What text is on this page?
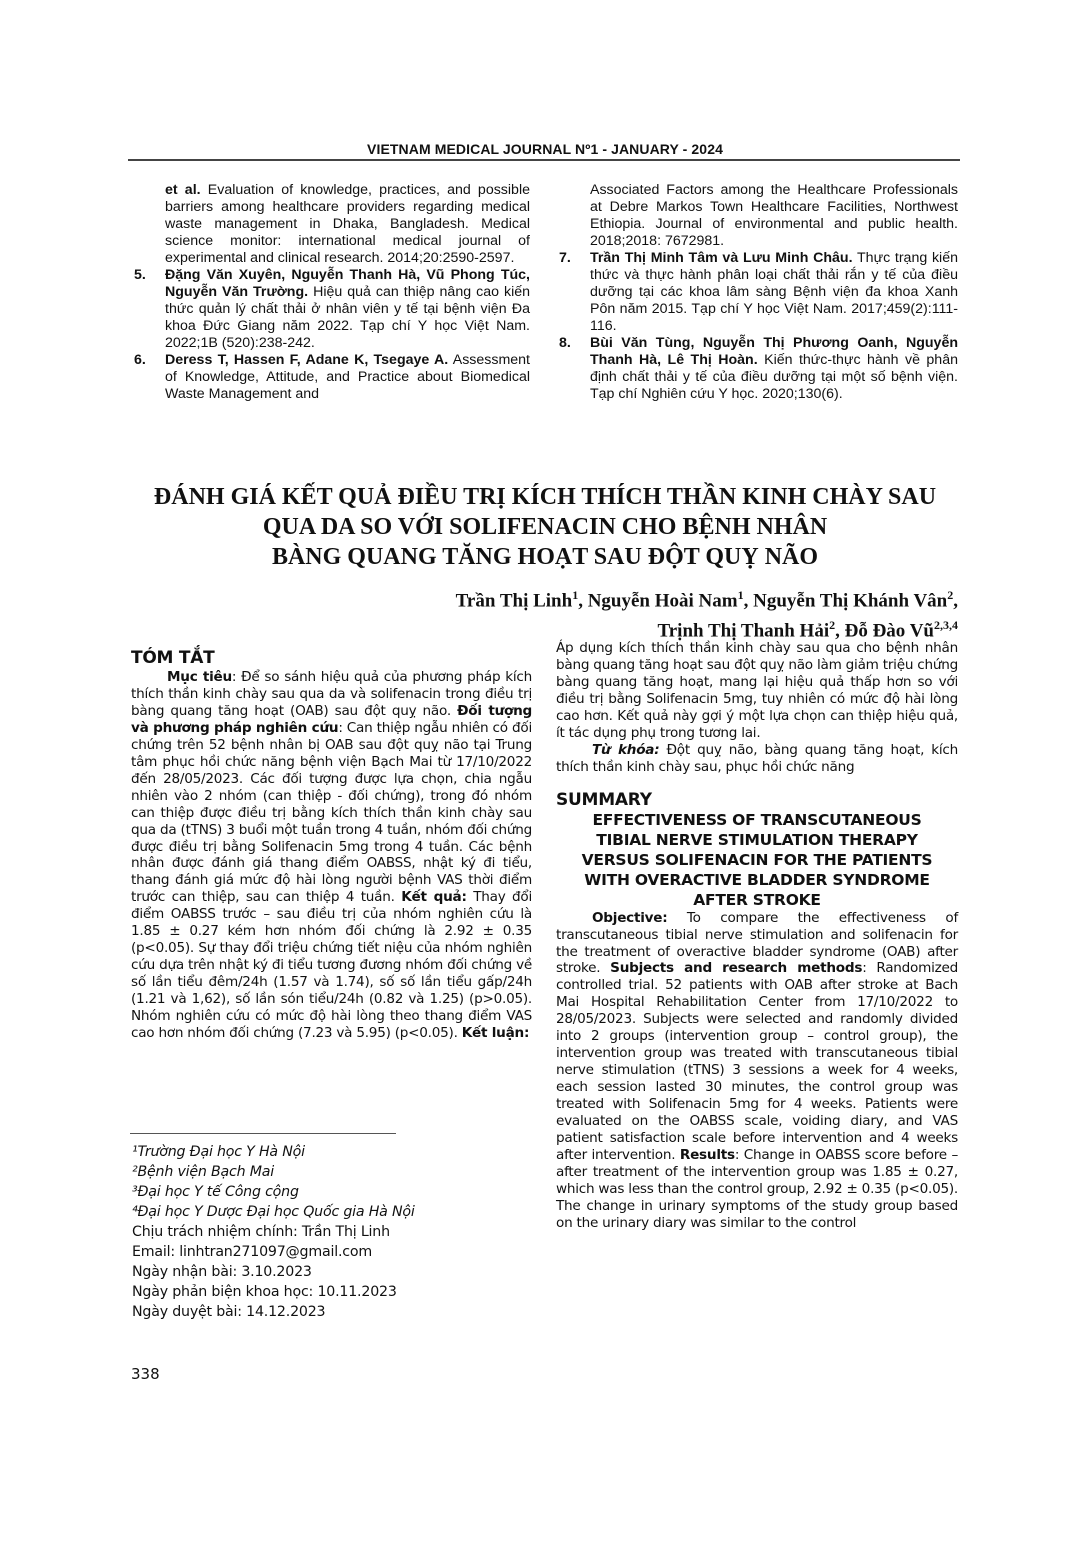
VIETNAM MEDICAL JOURNAL Nº1 - JANUARY - 2024
et al. Evaluation of knowledge, practices, and possible barriers among healthcare providers regarding medical waste management in Dhaka, Bangladesh. Medical science monitor: international medical journal of experimental and clinical research. 2014;20:2590-2597.
5. Đặng Văn Xuyên, Nguyễn Thanh Hà, Vũ Phong Túc, Nguyễn Văn Trường. Hiệu quả can thiệp nâng cao kiến thức quản lý chất thải ở nhân viên y tế tại bệnh viện Đa khoa Đức Giang năm 2022. Tạp chí Y học Việt Nam. 2022;1B (520):238-242.
6. Deress T, Hassen F, Adane K, Tsegaye A. Assessment of Knowledge, Attitude, and Practice about Biomedical Waste Management and
Associated Factors among the Healthcare Professionals at Debre Markos Town Healthcare Facilities, Northwest Ethiopia. Journal of environmental and public health. 2018;2018: 7672981.
7. Trần Thị Minh Tâm và Lưu Minh Châu. Thực trạng kiến thức và thực hành phân loại chất thải rắn y tế của điều dưỡng tại các khoa lâm sàng Bệnh viện đa khoa Xanh Pôn năm 2015. Tạp chí Y học Việt Nam. 2017;459(2):111-116.
8. Bùi Văn Tùng, Nguyễn Thị Phương Oanh, Nguyễn Thanh Hà, Lê Thị Hoàn. Kiến thức-thực hành về phân định chất thải y tế của điều dưỡng tại một số bệnh viện. Tạp chí Nghiên cứu Y học. 2020;130(6).
ĐÁNH GIÁ KẾT QUẢ ĐIỀU TRỊ KÍCH THÍCH THẦN KINH CHÀY SAU
QUA DA SO VỚI SOLIFENACIN CHO BỆNH NHÂN
BÀNG QUANG TĂNG HOẠT SAU ĐỘT QUỴ NÃO
Trần Thị Linh$^1$, Nguyễn Hoài Nam$^1$, Nguyễn Thị Khánh Vân$^2$,
Trịnh Thị Thanh Hải$^2$, Đỗ Đào Vũ$^{2,3,4}$
TÓM TẮT
Mục tiêu: Để so sánh hiệu quả của phương pháp kích thích thần kinh chày sau qua da và solifenacin trong điều trị bàng quang tăng hoạt (OAB) sau đột quỵ não. Đối tượng và phương pháp nghiên cứu: Can thiệp ngẫu nhiên có đối chứng trên 52 bệnh nhân bị OAB sau đột quỵ não tại Trung tâm phục hồi chức năng bệnh viện Bạch Mai từ 17/10/2022 đến 28/05/2023. Các đối tượng được lựa chọn, chia ngẫu nhiên vào 2 nhóm (can thiệp - đối chứng), trong đó nhóm can thiệp được điều trị bằng kích thích thần kinh chày sau qua da (tTNS) 3 buổi một tuần trong 4 tuần, nhóm đối chứng được điều trị bằng Solifenacin 5mg trong 4 tuần. Các bệnh nhân được đánh giá thang điểm OABSS, nhật ký đi tiểu, thang đánh giá mức độ hài lòng người bệnh VAS thời điểm trước can thiệp, sau can thiệp 4 tuần. Kết quả: Thay đổi điểm OABSS trước – sau điều trị của nhóm nghiên cứu là 1.85 ± 0.27 kém hơn nhóm đối chứng là 2.92 ± 0.35 (p<0.05). Sự thay đổi triệu chứng tiết niệu của nhóm nghiên cứu dựa trên nhật ký đi tiểu tương đương nhóm đối chứng về số lần tiểu đêm/24h (1.57 và 1.74), số số lần tiểu gấp/24h (1.21 và 1,62), số lần són tiểu/24h (0.82 và 1.25) (p>0.05). Nhóm nghiên cứu có mức độ hài lòng theo thang điểm VAS cao hơn nhóm đối chứng (7.23 và 5.95) (p<0.05). Kết luận:
Áp dụng kích thích thần kinh chày sau qua cho bệnh nhân bàng quang tăng hoạt sau đột quỵ não làm giảm triệu chứng bàng quang tăng hoạt, mang lại hiệu quả thấp hơn so với điều trị bằng Solifenacin 5mg, tuy nhiên có mức độ hài lòng cao hơn. Kết quả này gợi ý một lựa chọn can thiệp hiệu quả, ít tác dụng phụ trong tương lai.
Từ khóa: Đột quỵ não, bàng quang tăng hoạt, kích thích thần kinh chày sau, phục hồi chức năng
SUMMARY
EFFECTIVENESS OF TRANSCUTANEOUS
TIBIAL NERVE STIMULATION THERAPY
VERSUS SOLIFENACIN FOR THE PATIENTS
WITH OVERACTIVE BLADDER SYNDROME
AFTER STROKE
Objective: To compare the effectiveness of transcutaneous tibial nerve stimulation and solifenacin for the treatment of overactive bladder syndrome (OAB) after stroke. Subjects and research methods: Randomized controlled trial. 52 patients with OAB after stroke at Bach Mai Hospital Rehabilitation Center from 17/10/2022 to 28/05/2023. Subjects were selected and randomly divided into 2 groups (intervention group – control group), the intervention group was treated with transcutaneous tibial nerve stimulation (tTNS) 3 sessions a week for 4 weeks, each session lasted 30 minutes, the control group was treated with Solifenacin 5mg for 4 weeks. Patients were evaluated on the OABSS scale, voiding diary, and VAS patient satisfaction scale before intervention and 4 weeks after intervention. Results: Change in OABSS score before – after treatment of the intervention group was 1.85 ± 0.27, which was less than the control group, 2.92 ± 0.35 (p<0.05). The change in urinary symptoms of the study group based on the urinary diary was similar to the control
¹Trường Đại học Y Hà Nội
²Bệnh viện Bạch Mai
³Đại học Y tế Công cộng
⁴Đại học Y Dược Đại học Quốc gia Hà Nội
Chịu trách nhiệm chính: Trần Thị Linh
Email: linhtran271097@gmail.com
Ngày nhận bài: 3.10.2023
Ngày phản biện khoa học: 10.11.2023
Ngày duyệt bài: 14.12.2023
338
